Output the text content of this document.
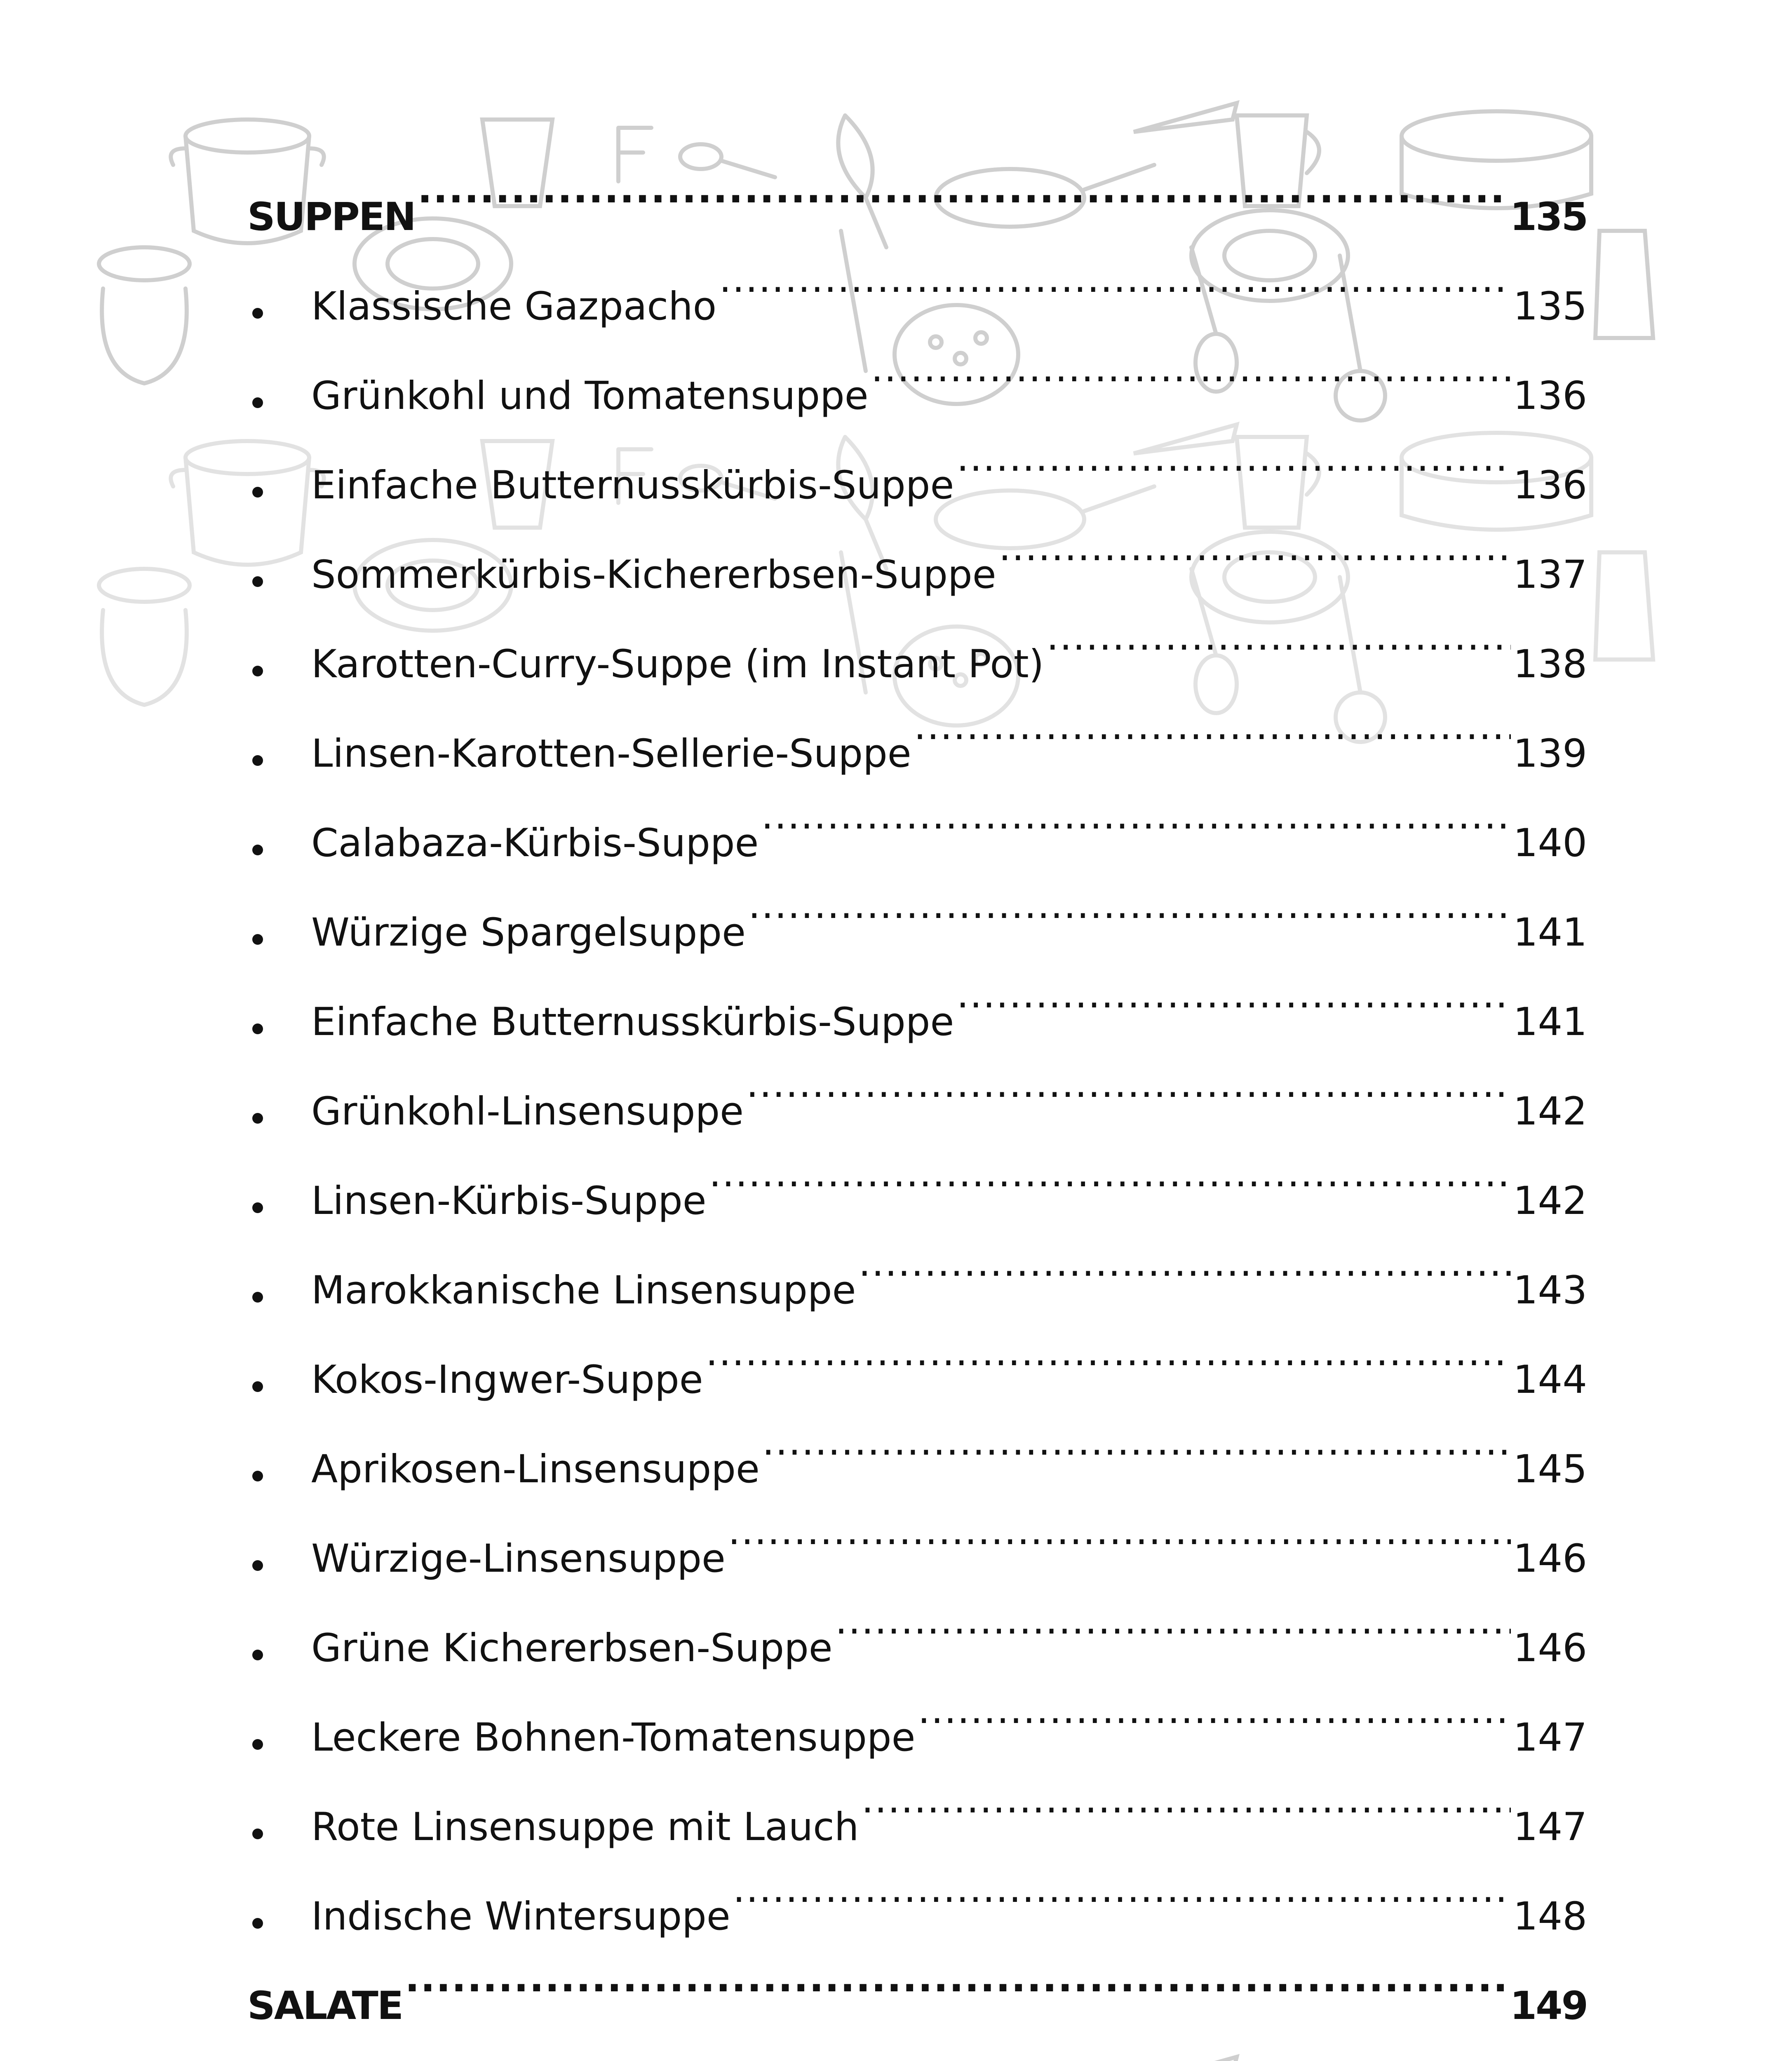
SUPPEN .....	135
Klassische Gazpacho .....	135
Grünkohl und Tomatensuppe .....	136
Einfache Butternusskürbis-Suppe .....	136
Sommerkürbis-Kichererbsen-Suppe .....	137
Karotten-Curry-Suppe (im Instant Pot) .....	138
Linsen-Karotten-Sellerie-Suppe .....	139
Calabaza-Kürbis-Suppe .....	140
Würzige Spargelsuppe .....	141
Einfache Butternusskürbis-Suppe .....	141
Grünkohl-Linsensuppe .....	142
Linsen-Kürbis-Suppe .....	142
Marokkanische Linsensuppe .....	143
Kokos-Ingwer-Suppe .....	144
Aprikosen-Linsensuppe .....	145
Würzige-Linsensuppe .....	146
Grüne Kichererbsen-Suppe .....	146
Leckere Bohnen-Tomatensuppe .....	147
Rote Linsensuppe mit Lauch .....	147
Indische Wintersuppe .....	148
SALATE .....	149
